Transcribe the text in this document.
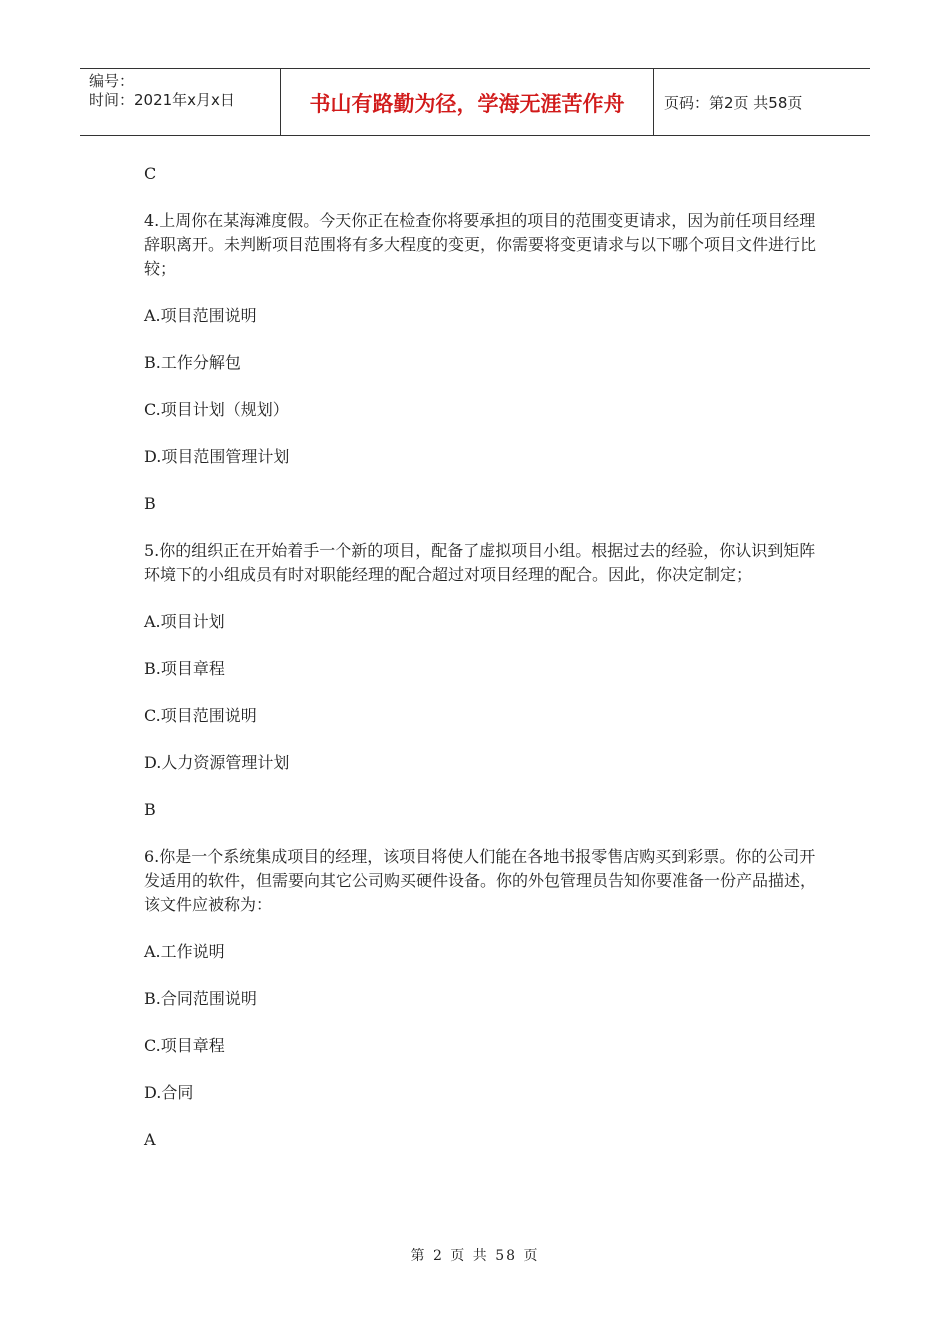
编号：
时间：2021年x月x日	书山有路勤为径，学海无涯苦作舟	页码：第2页 共58页

C

4.上周你在某海滩度假。今天你正在检查你将要承担的项目的范围变更请求，因为前任项目经理辞职离开。未判断项目范围将有多大程度的变更，你需要将变更请求与以下哪个项目文件进行比较；

A.项目范围说明

B.工作分解包

C.项目计划（规划）

D.项目范围管理计划

B

5.你的组织正在开始着手一个新的项目，配备了虚拟项目小组。根据过去的经验，你认识到矩阵环境下的小组成员有时对职能经理的配合超过对项目经理的配合。因此，你决定制定；

A.项目计划

B.项目章程

C.项目范围说明

D.人力资源管理计划

B

6.你是一个系统集成项目的经理，该项目将使人们能在各地书报零售店购买到彩票。你的公司开发适用的软件，但需要向其它公司购买硬件设备。你的外包管理员告知你要准备一份产品描述，该文件应被称为：

A.工作说明

B.合同范围说明

C.项目章程

D.合同

A

第 2 页 共 58 页
